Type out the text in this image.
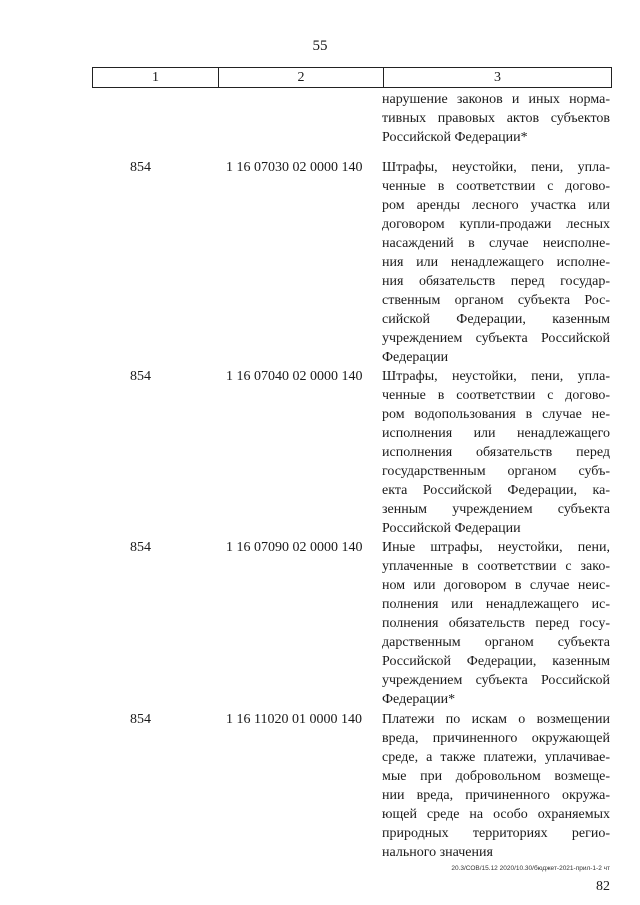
55
1	2	3
нарушение законов и иных норма-
тивных правовых актов субъектов
Российской Федерации*
854	1 16 07030 02 0000 140 Штрафы, неустойки, пени, упла-
ченные в соответствии с догово-
ром аренды лесного участка или
договором купли-продажи лесных
насаждений в случае неисполне-
ния или ненадлежащего исполне-
ния обязательств перед государ-
ственным органом субъекта Рос-
сийской Федерации, казенным
учреждением субъекта Российской
Федерации
854	1 16 07040 02 0000 140 Штрафы, неустойки, пени, упла-
ченные в соответствии с догово-
ром водопользования в случае не-
исполнения или ненадлежащего
исполнения обязательств перед
государственным органом субъ-
екта Российской Федерации, ка-
зенным учреждением субъекта
Российской Федерации
854	1 16 07090 02 0000 140 Иные штрафы, неустойки, пени,
уплаченные в соответствии с зако-
ном или договором в случае неис-
полнения или ненадлежащего ис-
полнения обязательств перед госу-
дарственным органом субъекта
Российской Федерации, казенным
учреждением субъекта Российской
Федерации*
854	1 16 11020 01 0000 140 Платежи по искам о возмещении
вреда, причиненного окружающей
среде, а также платежи, уплачивае-
мые при добровольном возмеще-
нии вреда, причиненного окружа-
ющей среде на особо охраняемых
природных территориях регио-
нального значения
20.3/СОВ/15.12 2020/10.30/бюджет-2021-прил-1-2 чт
82
